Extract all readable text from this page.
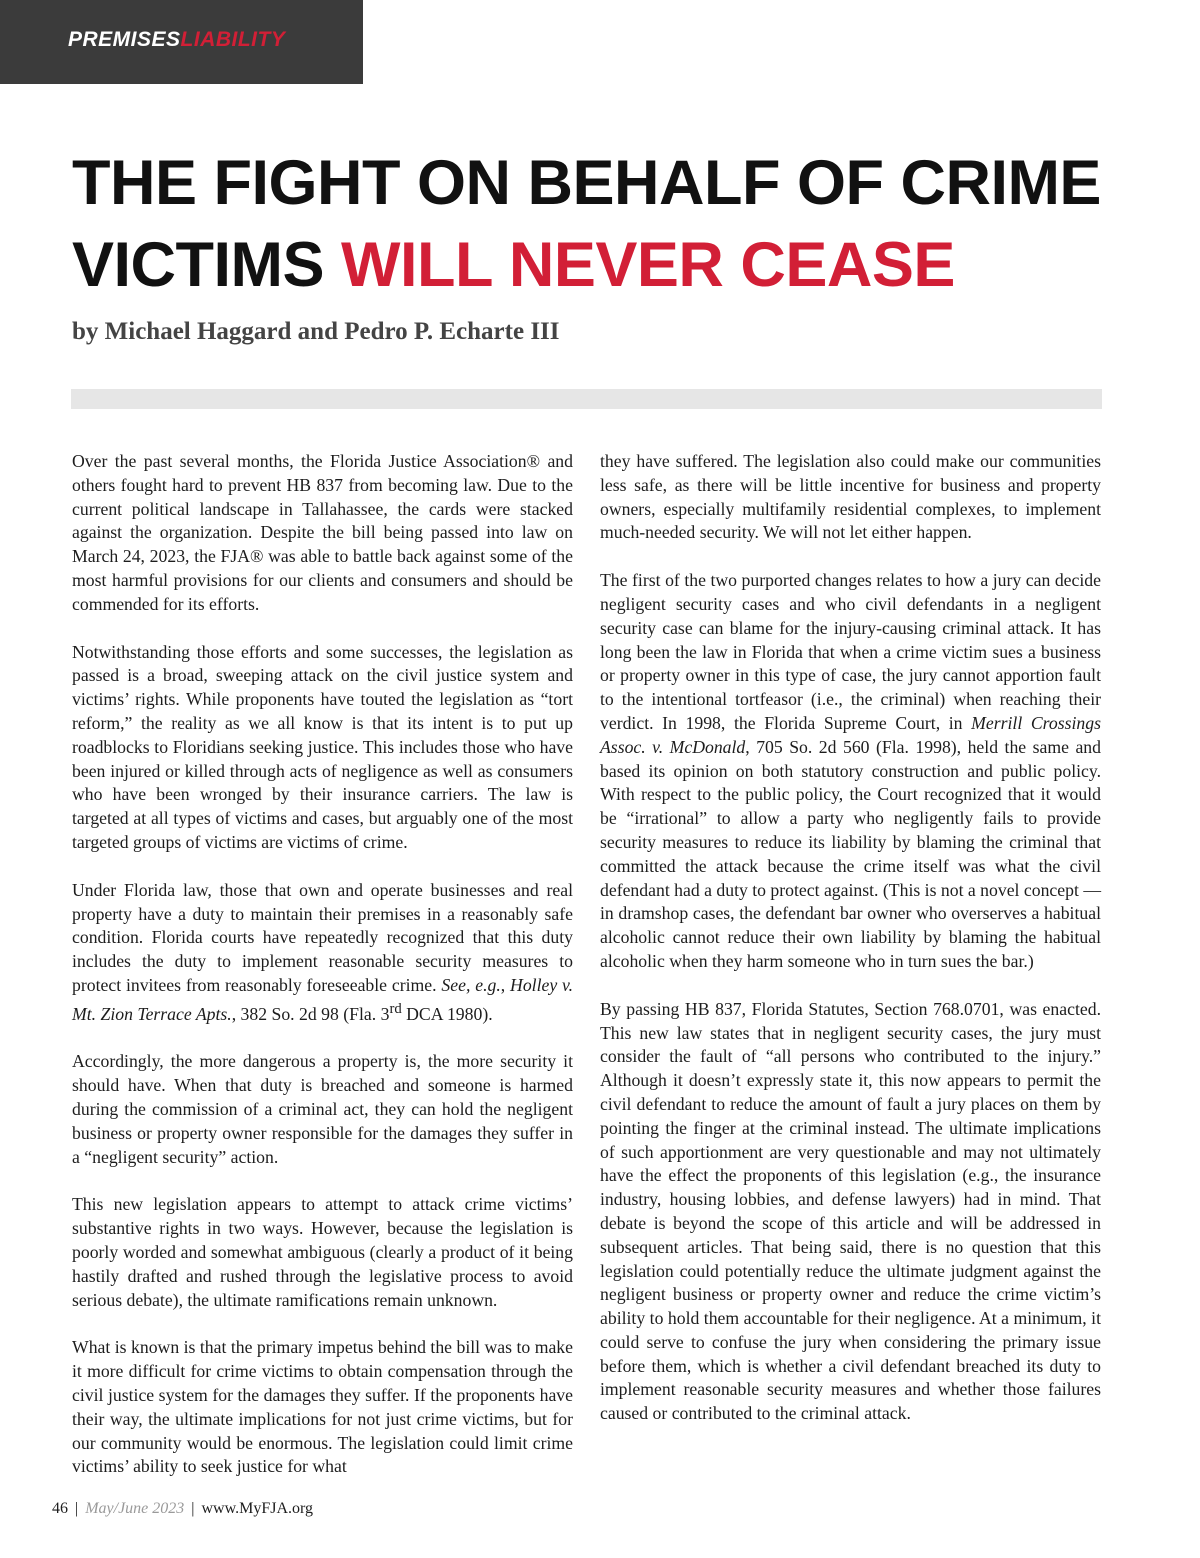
PREMISESLIABILITY
THE FIGHT ON BEHALF OF CRIME
VICTIMS WILL NEVER CEASE
by Michael Haggard and Pedro P. Echarte III

Over the past several months, the Florida Justice Association® and others fought hard to prevent HB 837 from becoming law. Due to the current political landscape in Tallahassee, the cards were stacked against the organization. Despite the bill being passed into law on March 24, 2023, the FJA® was able to battle back against some of the most harmful provisions for our clients and consumers and should be commended for its efforts.

Notwithstanding those efforts and some successes, the legislation as passed is a broad, sweeping attack on the civil justice system and victims’ rights. While proponents have touted the legislation as “tort reform,” the reality as we all know is that its intent is to put up roadblocks to Floridians seeking justice. This includes those who have been injured or killed through acts of negligence as well as consumers who have been wronged by their insurance carriers. The law is targeted at all types of victims and cases, but arguably one of the most targeted groups of victims are victims of crime.

Under Florida law, those that own and operate businesses and real property have a duty to maintain their premises in a reasonably safe condition. Florida courts have repeatedly recognized that this duty includes the duty to implement reasonable security measures to protect invitees from reasonably foreseeable crime. See, e.g., Holley v. Mt. Zion Terrace Apts., 382 So. 2d 98 (Fla. 3rd DCA 1980).

Accordingly, the more dangerous a property is, the more security it should have. When that duty is breached and someone is harmed during the commission of a criminal act, they can hold the negligent business or property owner responsible for the damages they suffer in a “negligent security” action.

This new legislation appears to attempt to attack crime victims’ substantive rights in two ways. However, because the legislation is poorly worded and somewhat ambiguous (clearly a product of it being hastily drafted and rushed through the legislative process to avoid serious debate), the ultimate ramifications remain unknown.

What is known is that the primary impetus behind the bill was to make it more difficult for crime victims to obtain compensation through the civil justice system for the damages they suffer. If the proponents have their way, the ultimate implications for not just crime victims, but for our community would be enormous. The legislation could limit crime victims’ ability to seek justice for what

they have suffered. The legislation also could make our communities less safe, as there will be little incentive for business and property owners, especially multifamily residential complexes, to implement much-needed security. We will not let either happen.

The first of the two purported changes relates to how a jury can decide negligent security cases and who civil defendants in a negligent security case can blame for the injury-causing criminal attack. It has long been the law in Florida that when a crime victim sues a business or property owner in this type of case, the jury cannot apportion fault to the intentional tortfeasor (i.e., the criminal) when reaching their verdict. In 1998, the Florida Supreme Court, in Merrill Crossings Assoc. v. McDonald, 705 So. 2d 560 (Fla. 1998), held the same and based its opinion on both statutory construction and public policy. With respect to the public policy, the Court recognized that it would be “irrational” to allow a party who negligently fails to provide security measures to reduce its liability by blaming the criminal that committed the attack because the crime itself was what the civil defendant had a duty to protect against. (This is not a novel concept — in dramshop cases, the defendant bar owner who overserves a habitual alcoholic cannot reduce their own liability by blaming the habitual alcoholic when they harm someone who in turn sues the bar.)

By passing HB 837, Florida Statutes, Section 768.0701, was enacted. This new law states that in negligent security cases, the jury must consider the fault of “all persons who contributed to the injury.” Although it doesn’t expressly state it, this now appears to permit the civil defendant to reduce the amount of fault a jury places on them by pointing the finger at the criminal instead. The ultimate implications of such apportionment are very questionable and may not ultimately have the effect the proponents of this legislation (e.g., the insurance industry, housing lobbies, and defense lawyers) had in mind. That debate is beyond the scope of this article and will be addressed in subsequent articles. That being said, there is no question that this legislation could potentially reduce the ultimate judgment against the negligent business or property owner and reduce the crime victim’s ability to hold them accountable for their negligence. At a minimum, it could serve to confuse the jury when considering the primary issue before them, which is whether a civil defendant breached its duty to implement reasonable security measures and whether those failures caused or contributed to the criminal attack.

46 | May/June 2023 | www.MyFJA.org
